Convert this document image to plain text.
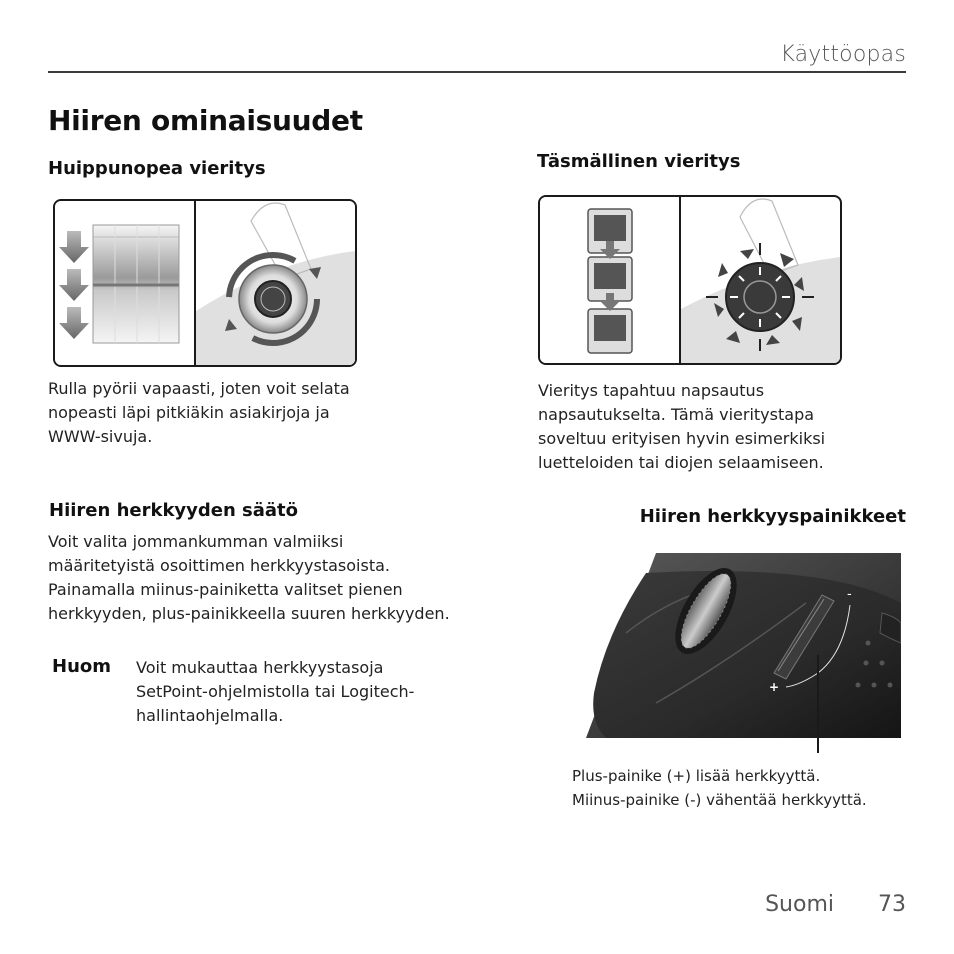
Käyttöopas
Hiiren ominaisuudet
Huippunopea vieritys
Rulla pyörii vapaasti, joten voit selata
nopeasti läpi pitkiäkin asiakirjoja ja
WWW-sivuja.
Täsmällinen vieritys
Vieritys tapahtuu napsautus
napsautukselta. Tämä vieritystapa
soveltuu erityisen hyvin esimerkiksi
luetteloiden tai diojen selaamiseen.
Hiiren herkkyyden säätö
Voit valita jommankumman valmiiksi
määritetyistä osoittimen herkkyystasoista.
Painamalla miinus-painiketta valitset pienen
herkkyyden, plus-painikkeella suuren herkkyyden.
Huom Voit mukauttaa herkkyystasoja
SetPoint-ohjelmistolla tai Logitech-
hallintaohjelmalla.
Hiiren herkkyyspainikkeet
-
+
Plus-painike (+) lisää herkkyyttä.
Miinus-painike (-) vähentää herkkyyttä.
Suomi 73
